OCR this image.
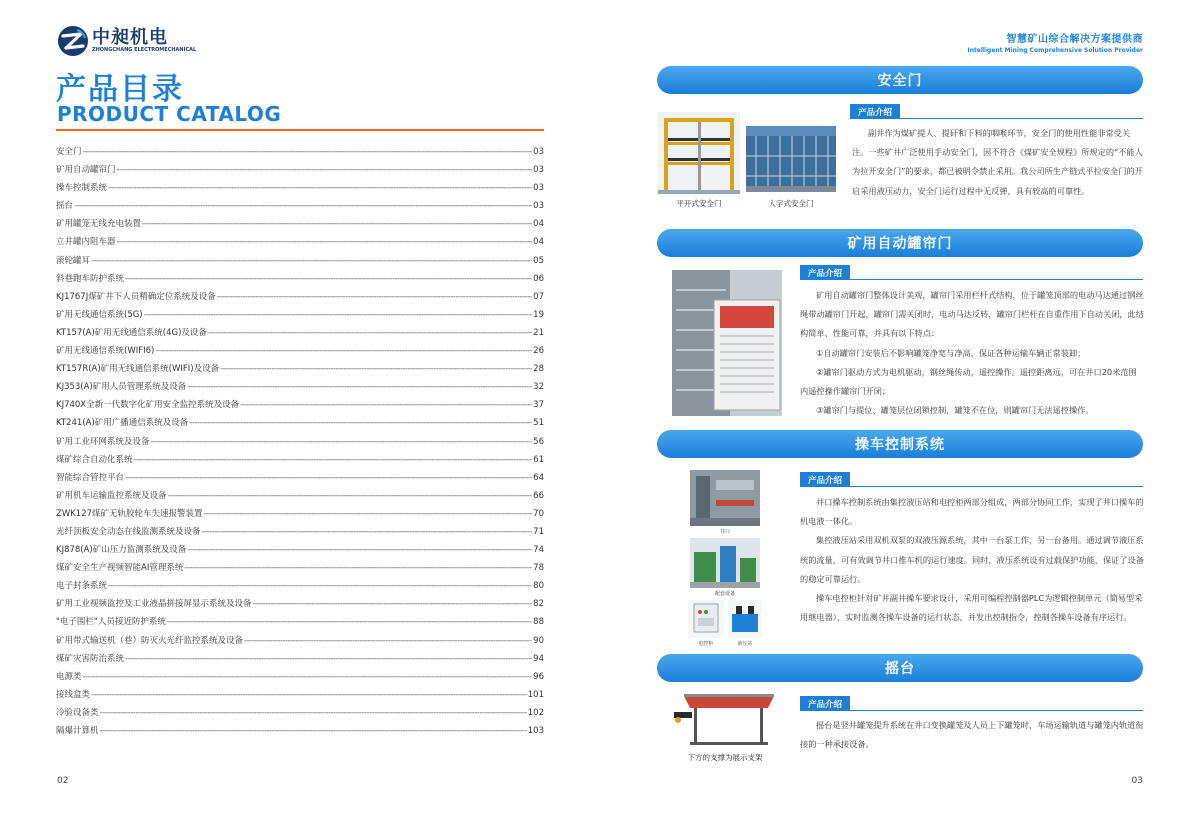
中昶机电
ZHONGCHANG ELECTROMECHANICAL
产品目录
PRODUCT CATALOG
安全门 -----	03
矿用自动罐帘门 -----	03
操车控制系统 -----	03
摇台 -----	03
矿用罐笼无线充电装置 -----	04
立井罐内阻车器 -----	04
滚轮罐耳 -----	05
斜巷跑车防护系统 -----	06
KJ1767J煤矿井下人员精确定位系统及设备 -----	07
矿用无线通信系统(5G) -----	19
KT157(A)矿用无线通信系统(4G)及设备 -----	21
矿用无线通信系统(WIFI6) -----	26
KT157R(A)矿用无线通信系统(WIFI)及设备 -----	28
KJ353(A)矿用人员管理系统及设备 -----	32
KJ740X全新一代数字化矿用安全监控系统及设备 -----	37
KT241(A)矿用广播通信系统及设备 -----	51
矿用工业环网系统及设备 -----	56
煤矿综合自动化系统 -----	61
智能综合管控平台 -----	64
矿用机车运输监控系统及设备 -----	66
ZWK127煤矿无轨胶轮车失速报警装置 -----	70
光纤顶板安全动态在线监测系统及设备 -----	71
KJ878(A)矿山压力监测系统及设备 -----	74
煤矿安全生产视频智能AI管理系统 -----	78
电子封条系统 -----	80
矿用工业视频监控及工业液晶拼接屏显示系统及设备 -----	82
"电子围栏"人员接近防护系统 -----	88
矿用带式输送机（巷）防灭火光纤监控系统及设备 -----	90
煤矿灾害防治系统 -----	94
电源类 -----	96
接线盒类 -----	101
冷验设备类 -----	102
隔爆计算机 -----	103
02
智慧矿山综合解决方案提供商
Intelligent Mining Comprehensive Solution Provider
安全门
产品介绍
平开式安全门	人字式安全门

副井作为煤矿提人、提矸和下料的咽喉环节，安全门的使用性能非常受关注。一些矿井广泛使用手动安全门，因不符合《煤矿安全规程》所规定的“不能人为拉开安全门”的要求，都已被明令禁止采用。我公司所生产链式平拉安全门的开启采用液压动力，安全门运行过程中无反弹，具有较高的可靠性。

矿用自动罐帘门
产品介绍

矿用自动罐帘门整体设计美观，罐帘门采用栏杆式结构，位于罐笼顶部的电动马达通过钢丝绳带动罐帘门开起，罐帘门需关闭时，电动马达反转，罐帘门栏杆在自重作用下自动关闭，此结构简单、性能可靠，并具有以下特点：

①自动罐帘门安装后不影响罐笼净宽与净高，保证各种运输车辆正常装卸；

②罐帘门驱动方式为电机驱动，钢丝绳传动，遥控操作。遥控距离远，可在井口20米范围内遥控操作罐帘门开闭；

③罐帘门与提位、罐笼层位闭锁控制，罐笼不在位，则罐帘门无法遥控操作。

操车控制系统
产品介绍
井口
配套设备
电控柜	液压站

井口操车控制系统由集控液压站和电控柜两部分组成，两部分协同工作，实现了井口操车的机电液一体化。

集控液压站采用双机双泵的双液压源系统，其中一台泵工作，另一台备用。通过调节液压系统的流量，可有效调节井口推车机的运行速度。同时，液压系统设有过载保护功能，保证了设备的稳定可靠运行。

操车电控柜针对矿井副井操车要求设计，采用可编程控制器PLC为逻辑控制单元（简易型采用继电器），实时监测各操车设备的运行状态，并发出控制指令，控制各操车设备有序运行。

摇台
产品介绍
下方的支撑为展示支架

摇台是竖井罐笼提升系统在井口变换罐笼及人员上下罐笼时，车场运输轨道与罐笼内轨道衔接的一种承接设备。

03
